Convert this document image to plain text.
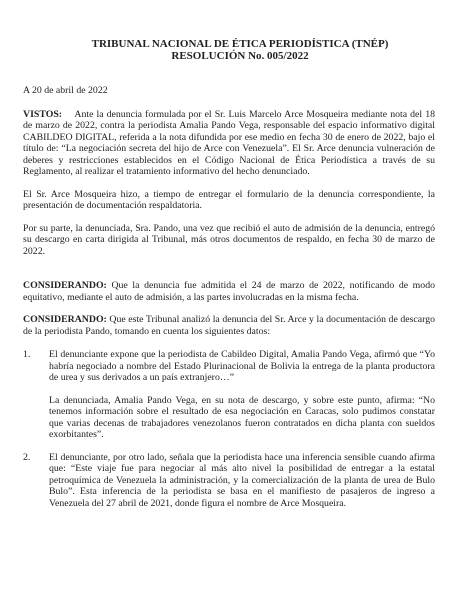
TRIBUNAL NACIONAL DE ÉTICA PERIODÍSTICA (TNÉP)
RESOLUCIÓN No. 005/2022

A 20 de abril de 2022

VISTOS: Ante la denuncia formulada por el Sr. Luis Marcelo Arce Mosqueira mediante nota del 18 de marzo de 2022, contra la periodista Amalia Pando Vega, responsable del espacio informativo digital CABILDEO DIGITAL, referida a la nota difundida por ese medio en fecha 30 de enero de 2022, bajo el título de: “La negociación secreta del hijo de Arce con Venezuela”. El Sr. Arce denuncia vulneración de deberes y restricciones establecidos en el Código Nacional de Ética Periodística a través de su Reglamento, al realizar el tratamiento informativo del hecho denunciado.

El Sr. Arce Mosqueira hizo, a tiempo de entregar el formulario de la denuncia correspondiente, la presentación de documentación respaldatoria.

Por su parte, la denunciada, Sra. Pando, una vez que recibió el auto de admisión de la denuncia, entregó su descargo en carta dirigida al Tribunal, más otros documentos de respaldo, en fecha 30 de marzo de 2022.

CONSIDERANDO: Que la denuncia fue admitida el 24 de marzo de 2022, notificando de modo equitativo, mediante el auto de admisión, a las partes involucradas en la misma fecha.

CONSIDERANDO: Que este Tribunal analizó la denuncia del Sr. Arce y la documentación de descargo de la periodista Pando, tomando en cuenta los siguientes datos:

1.	El denunciante expone que la periodista de Cabildeo Digital, Amalia Pando Vega, afirmó que “Yo habría negociado a nombre del Estado Plurinacional de Bolivia la entrega de la planta productora de urea y sus derivados a un país extranjero…”

La denunciada, Amalia Pando Vega, en su nota de descargo, y sobre este punto, afirma: “No tenemos información sobre el resultado de esa negociación en Caracas, solo pudimos constatar que varias decenas de trabajadores venezolanos fueron contratados en dicha planta con sueldos exorbitantes”.

2.	El denunciante, por otro lado, señala que la periodista hace una inferencia sensible cuando afirma que: “Este viaje fue para negociar al más alto nivel la posibilidad de entregar a la estatal petroquímica de Venezuela la administración, y la comercialización de la planta de urea de Bulo Bulo”. Esta inferencia de la periodista se basa en el manifiesto de pasajeros de ingreso a Venezuela del 27 abril de 2021, donde figura el nombre de Arce Mosqueira.
